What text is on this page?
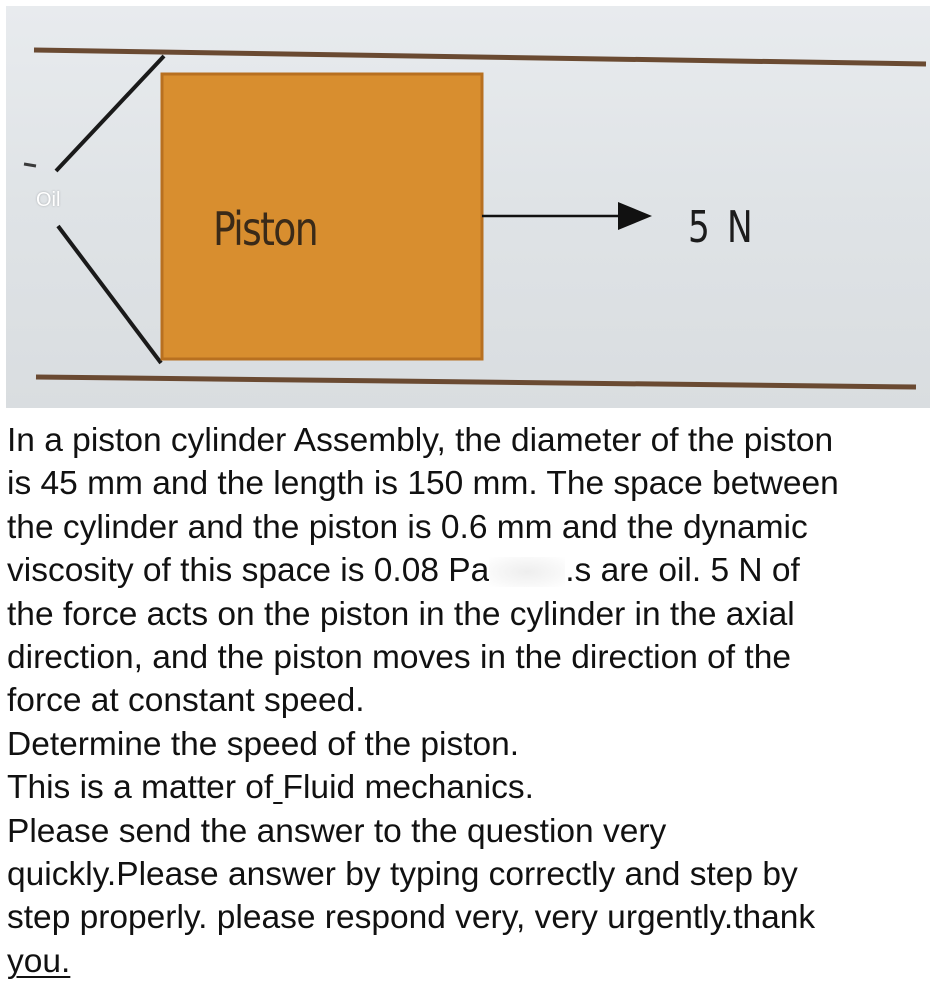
Oil
Piston	5 N

In a piston cylinder Assembly, the diameter of the piston

is 45 mm and the length is 150 mm. The space between

the cylinder and the piston is 0.6 mm and the dynamic

viscosity of this space is 0.08 Pa .s are oil. 5 N of

the force acts on the piston in the cylinder in the axial

direction, and the piston moves in the direction of the

force at constant speed.

Determine the speed of the piston.

This is a matter of Fluid mechanics.

Please send the answer to the question very

quickly.Please answer by typing correctly and step by

step properly. please respond very, very urgently.thank

you.
